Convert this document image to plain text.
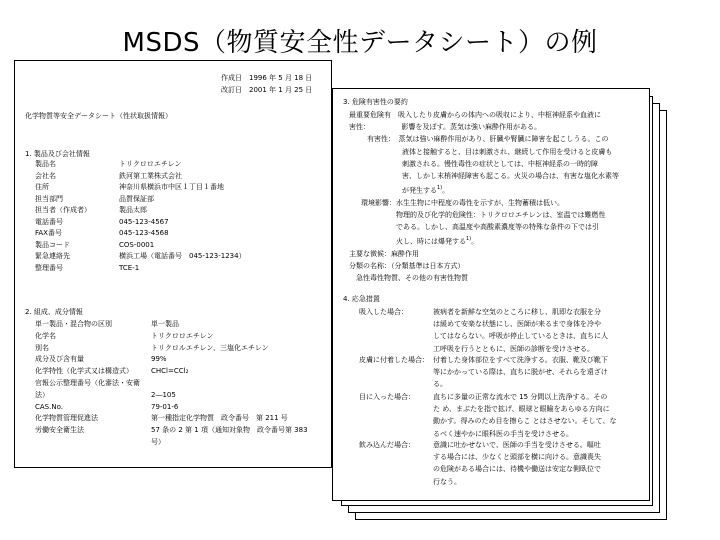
MSDS（物質安全性データシート）の例
3. 危険有害性の要約
最重要危険有　吸入したり皮膚からの体内への吸収により、中枢神経系や血液に
害性：　　　　　影響を及ぼす。蒸気は強い麻酔作用がある。
有害性：　蒸気は強い麻酔作用があり、肝臓や腎臓に障害を起こしうる。この
　　　　　液体と接触すると、目は刺激され、継続して作用を受けると皮膚も
　　　　　刺激される。慢性毒性の症状としては、中枢神経系の一時的障
　　　　　害、しかし末梢神経障害も起こる。火災の場合は、有害な塩化水素等
　　　　　が発生する$^{1)}$。
環境影響：水生生物に中程度の毒性を示すが、生物蓄積は低い。
　　　　　物理的及び化学的危険性：トリクロロエチレンは、室温では難燃性
　　　　　である。しかし、高温度や高酸素濃度等の特殊な条件の下では引
　　　　　火し、時には爆発する$^{1)}$。
主要な徴候：麻酔作用
分類の名称：（分類基準は日本方式）
　急性毒性物質、その他の有害性物質
4. 応急措置
吸入した場合：	被病者を新鮮な空気のところに移し、肌即な衣服を分
は緩めて安楽な状態にし、医師が来るまで身体を冷や
してはならない。呼吸が停止しているときは、直ちに人
工呼吸を行うとともに、医師の診断を受けさせる。
皮膚に付着した場合： 付着した身体部位をすべて洗浄する。衣服、靴及び靴下
等にかかっている際は、直ちに脱がせ、それらを遠ざけ
る。
目に入った場合：	直ちに多量の正常な流水で 15 分間以上洗浄する。その
た め、まぶたを指で拡げ、眼球と眼瞼をあらゆる方向に
動かす。得みのため目を擦らこ とはさせない。そして、な
るべく速やかに眼科医の手当を受けさせる。
飲み込んだ場合：	意識に吐かせないで、医師の手当を受けさせる。嘔吐
する場合には、少なくと頭部を横に向ける。意識喪失
の危険がある場合には、待機や働送は安定な側臥位で
行なう。
作成日　1996 年 5 月 18 日
改訂日　2001 年 1 月 25 日
化学物質等安全データシート（性状取扱情報）
1. 製品及び会社情報
製品名	トリクロロエチレン
会社名	鉄河第工業株式会社
住所	神奈川県横浜市中区１丁目１番地
担当部門	品質保証部
担当者（作成者）	製品太郎
電話番号	045-123-4567
FAX番号	045-123-4568
製品コード	COS-0001
緊急連絡先	横浜工場（電話番号　045-123-1234）
整理番号	TCE-1
2. 組成、成分情報
単一製品・混合物の区別	単一製品
化学名	トリクロロエチレン
別名	トリクロルエチレン、三塩化エチレン
成分及び含有量	99%
化学特性（化学式又は構造式）	CHCl=CCl₂
官報公示整理番号（化審法・安衛
法）	2―105
CAS.No.	79-01-6
化学物質管理促進法	第一種指定化学物質　政令番号　第 211 号
労働安全衛生法	57 条の 2 第 1 項（通知対象物　政令番号第 383
号）
